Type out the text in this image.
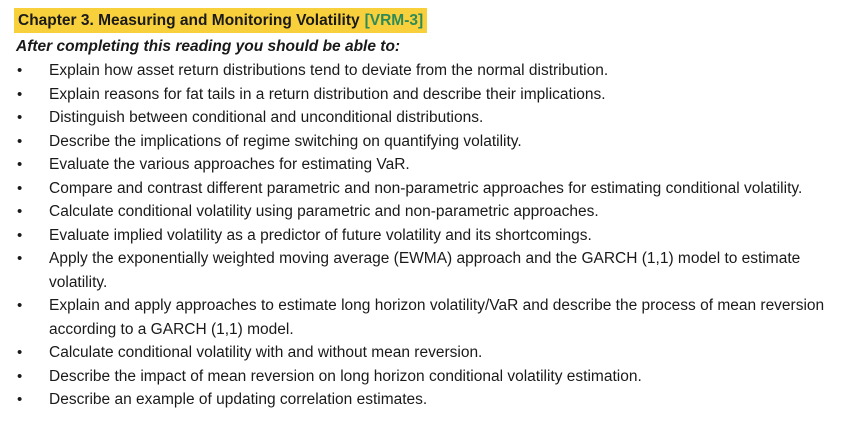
Chapter 3. Measuring and Monitoring Volatility [VRM-3]
After completing this reading you should be able to:
• Explain how asset return distributions tend to deviate from the normal distribution.
• Explain reasons for fat tails in a return distribution and describe their implications.
• Distinguish between conditional and unconditional distributions.
• Describe the implications of regime switching on quantifying volatility.
• Evaluate the various approaches for estimating VaR.
• Compare and contrast different parametric and non-parametric approaches for estimating conditional volatility.
• Calculate conditional volatility using parametric and non-parametric approaches.
• Evaluate implied volatility as a predictor of future volatility and its shortcomings.
• Apply the exponentially weighted moving average (EWMA) approach and the GARCH (1,1) model to estimate volatility.
• Explain and apply approaches to estimate long horizon volatility/VaR and describe the process of mean reversion according to a GARCH (1,1) model.
• Calculate conditional volatility with and without mean reversion.
• Describe the impact of mean reversion on long horizon conditional volatility estimation.
• Describe an example of updating correlation estimates.
